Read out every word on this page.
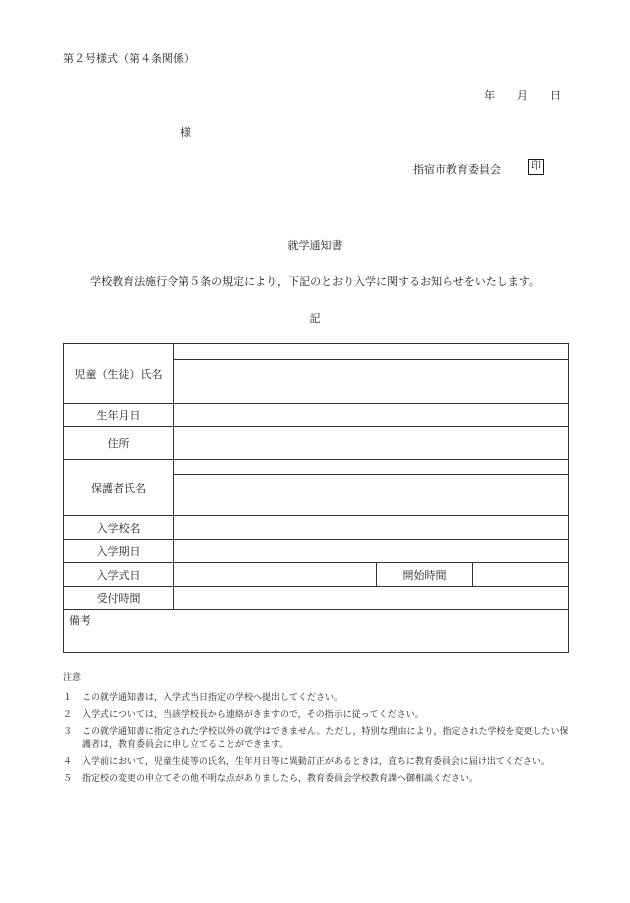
第２号様式（第４条関係）
年 月 日
様
指宿市教育委員会	印
就学通知書
学校教育法施行令第５条の規定により，下記のとおり入学に関するお知らせをいたします。
記
児童（生徒）氏名			

生年月日			
住所			
保護者氏名			

入学校名			
入学期日			
入学式日		開始時間	
受付時間			
備考			
注意
１ この就学通知書は，入学式当日指定の学校へ提出してください。
２ 入学式については，当該学校長から連絡がきますので，その指示に従ってください。
３ この就学通知書に指定された学校以外の就学はできません。ただし，特別な理由により，指定された学校を変更したい保護者は，教育委員会に申し立てることができます。
４ 入学前において，児童生徒等の氏名，生年月日等に異動訂正があるときは，直ちに教育委員会に届け出てください。
５ 指定校の変更の申立てその他不明な点がありましたら，教育委員会学校教育課へ御相談ください。
